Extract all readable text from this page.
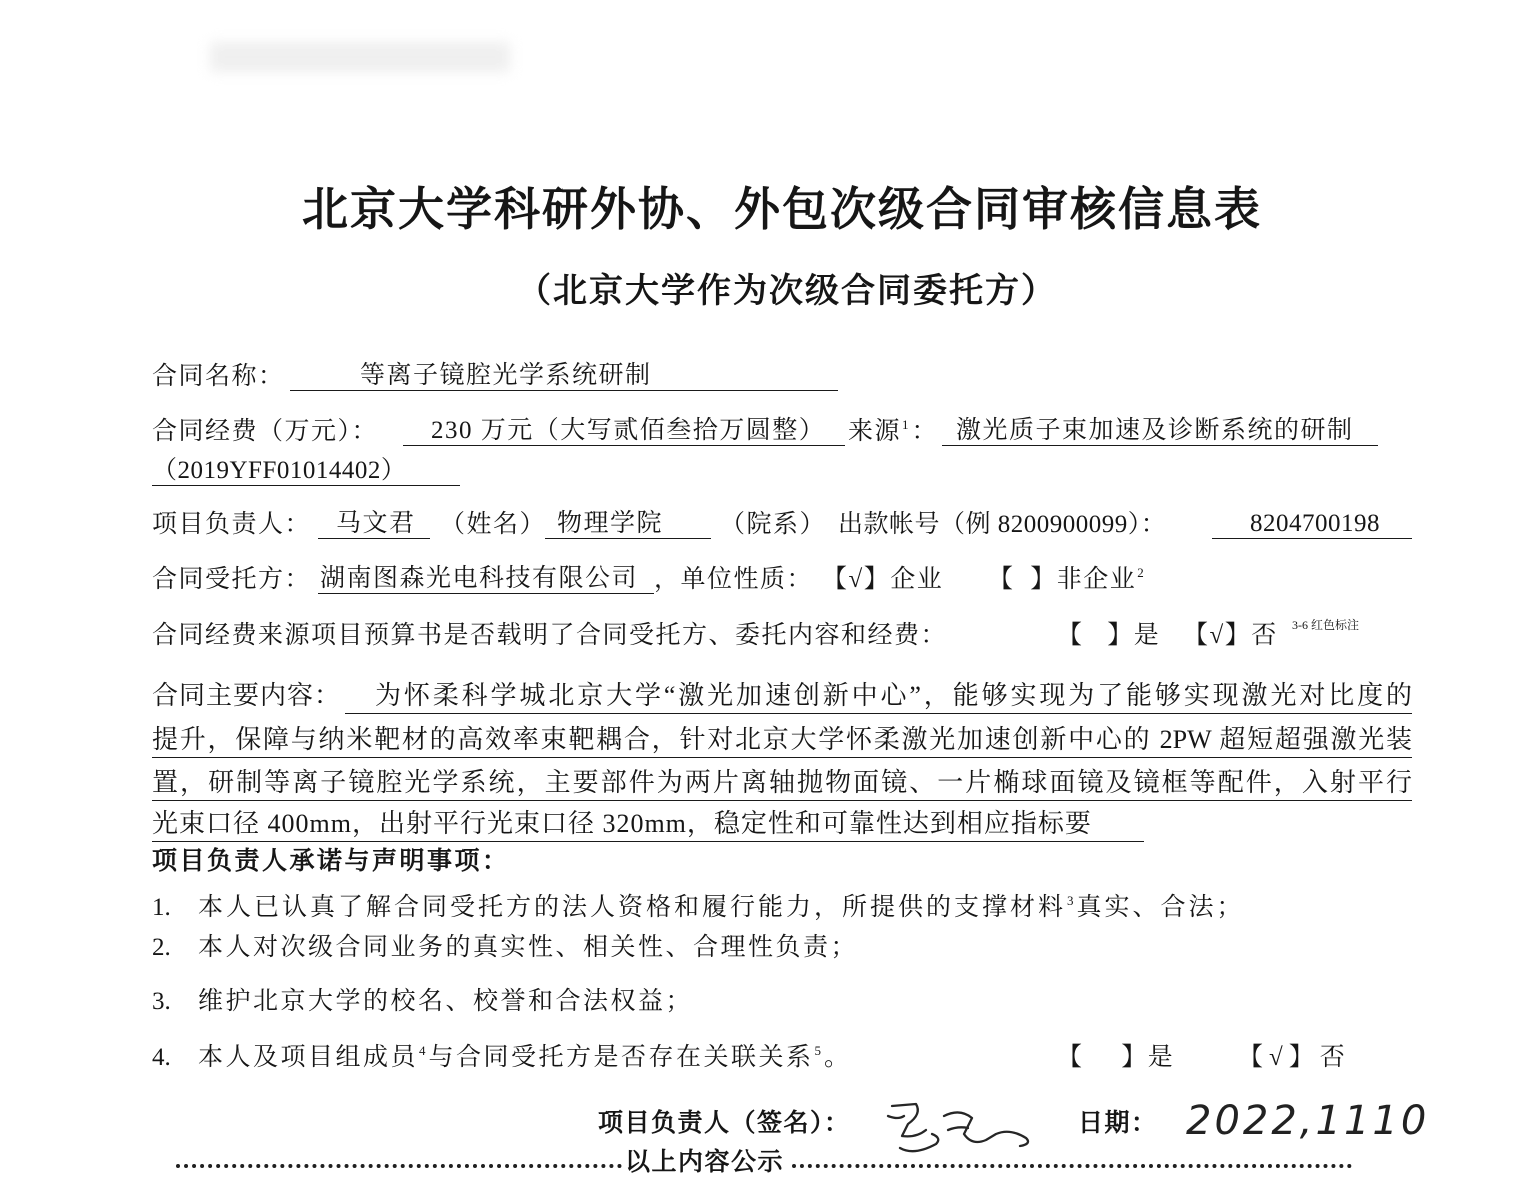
北京大学科研外协、外包次级合同审核信息表
（北京大学作为次级合同委托方）
合同名称：	等离子镜腔光学系统研制
合同经费（万元）：	230 万元（大写贰佰叁拾万圆整） 来源$^1$ ： 激光质子束加速及诊断系统的研制
（2019YFF01014402）
项目负责人： 马文君 （姓名） 物理学院	（院系） 出款帐号（例 8200900099）：	8204700198
合同受托方： 湖南图森光电科技有限公司 ，单位性质： 【√】企业 【 】非企业$^2$
合同经费来源项目预算书是否载明了合同受托方、委托内容和经费：	【 】是 【√】否 3-6 红色标注
合同主要内容：	为怀柔科学城北京大学“激光加速创新中心”，能够实现为了能够实现激光对比度的
提升，保障与纳米靶材的高效率束靶耦合，针对北京大学怀柔激光加速创新中心的 2PW 超短超强激光装
置，研制等离子镜腔光学系统，主要部件为两片离轴抛物面镜、一片椭球面镜及镜框等配件，入射平行
光束口径 400mm，出射平行光束口径 320mm，稳定性和可靠性达到相应指标要
项目负责人承诺与声明事项：
1. 本人已认真了解合同受托方的法人资格和履行能力，所提供的支撑材料$^3$ 真实、合法；
2. 本人对次级合同业务的真实性、相关性、合理性负责；
3. 维护北京大学的校名、校誉和合法权益；
4. 本人及项目组成员$^4$ 与合同受托方是否存在关联关系$^5$ 。	【 】是	【√】否
项目负责人（签名）：	日期： 2022,1110
以上内容公示
